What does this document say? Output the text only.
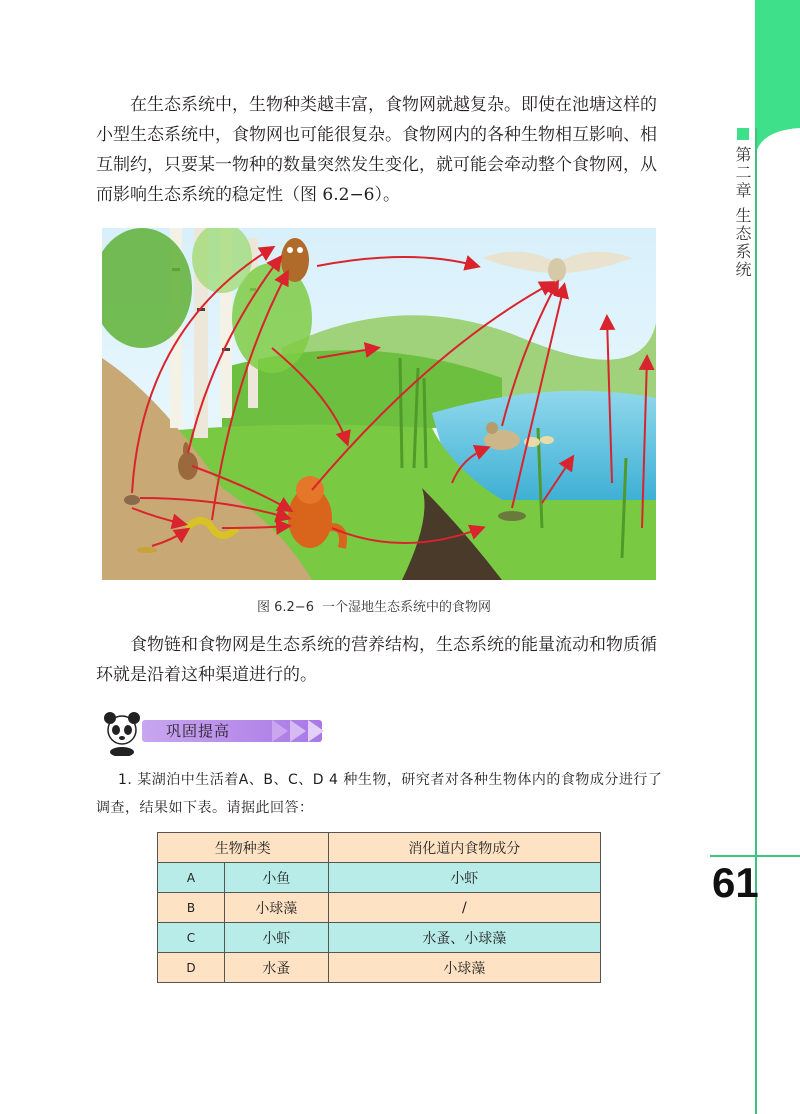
第二章 生态系统
61

在生态系统中，生物种类越丰富，食物网就越复杂。即使在池塘这样的小型生态系统中，食物网也可能很复杂。食物网内的各种生物相互影响、相互制约，只要某一物种的数量突然发生变化，就可能会牵动整个食物网，从而影响生态系统的稳定性（图 6.2−6）。

图 6.2−6 一个湿地生态系统中的食物网

食物链和食物网是生态系统的营养结构，生态系统的能量流动和物质循环就是沿着这种渠道进行的。

巩固提高

1. 某湖泊中生活着A、B、C、D 4 种生物，研究者对各种生物体内的食物成分进行了调查，结果如下表。请据此回答：

生物种类		消化道内食物成分
A	小鱼	小虾
B	小球藻	/
C	小虾	水蚤、小球藻
D	水蚤	小球藻
